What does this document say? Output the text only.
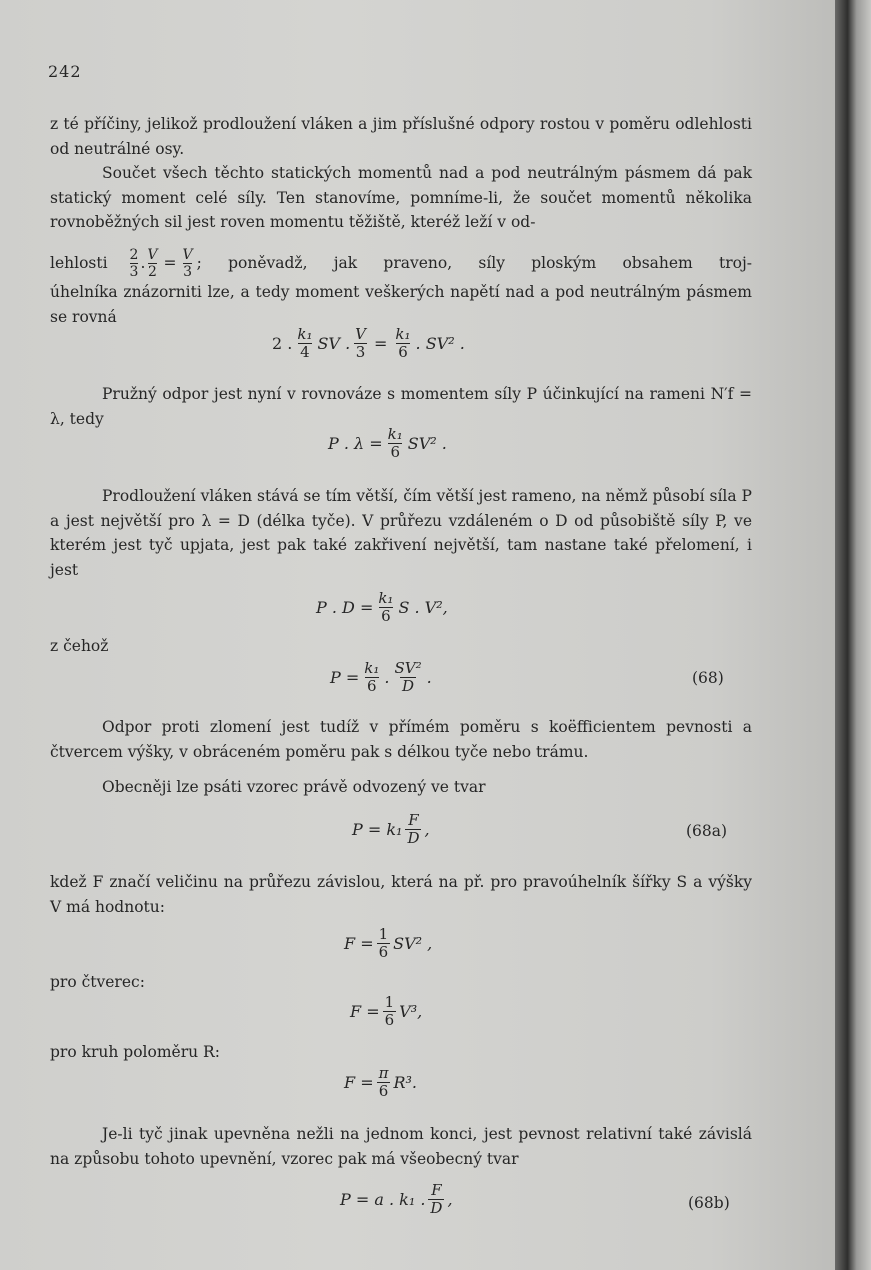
242

z té příčiny, jelikož prodloužení vláken a jim příslušné odpory rostou v poměru odlehlosti od neutrálné osy.

Součet všech těchto statických momentů nad a pod neutrálným pásmem dá pak statický moment celé síly. Ten stanovíme, pomníme-li, že součet momentů několika rovnoběžných sil jest roven momentu těžiště, kteréž leží v od-

lehlosti 2
3 . $\frac{V}{2} = \frac{V}{3}$ ; poněvadž, jak praveno, síly ploským obsahem troj-

úhelníka znázorniti lze, a tedy moment veškerých napětí nad a pod neutrálným pásmem se rovná

2 . $\frac{\text{k₁}}{4}$ SV . $\frac{V}{3} = \frac{\text{k₁}}{6}$ . SV² .

Pružný odpor jest nyní v rovnováze s momentem síly P účinkující na rameni N′f = λ, tedy

P . $\lambda = \frac{\text{k₁}}{6} SV^2$ .

Prodloužení vláken stává se tím větší, čím větší jest rameno, na němž působí síla P a jest největší pro λ = D (délka tyče). V průřezu vzdáleném o D od působiště síly P, ve kterém jest tyč upjata, jest pak také zakřivení největší, tam nastane také přelomení, i jest

P . $D = \frac{\text{k₁}}{6}$ S . V²,
z čehož
$P = \frac{\text{k₁}}{6}$ . $\frac{\text{SV²}}{D}$ .	(68)

Odpor proti zlomení jest tudíž v přímém poměru s koëfficientem pevnosti a čtvercem výšky, v obráceném poměru pak s délkou tyče nebo trámu.

Obecněji lze psáti vzorec právě odvozený ve tvar

$P = k_1 \frac{F}{D}$ ,	(68a)

kdež F značí veličinu na průřezu závislou, která na př. pro pravoúhelník šířky S a výšky V má hodnotu:

$F = \frac{1}{6} SV^2$ ,
pro čtverec:
$F = \frac{1}{6} V^3$,
pro kruh poloměru R:
$F = \frac{\pi}{6} R^3$.

Je-li tyč jinak upevněna nežli na jednom konci, jest pevnost relativní také závislá na způsobu tohoto upevnění, vzorec pak má všeobecný tvar

P = a . k₁ . $\frac{F}{D}$ ,	(68b)
